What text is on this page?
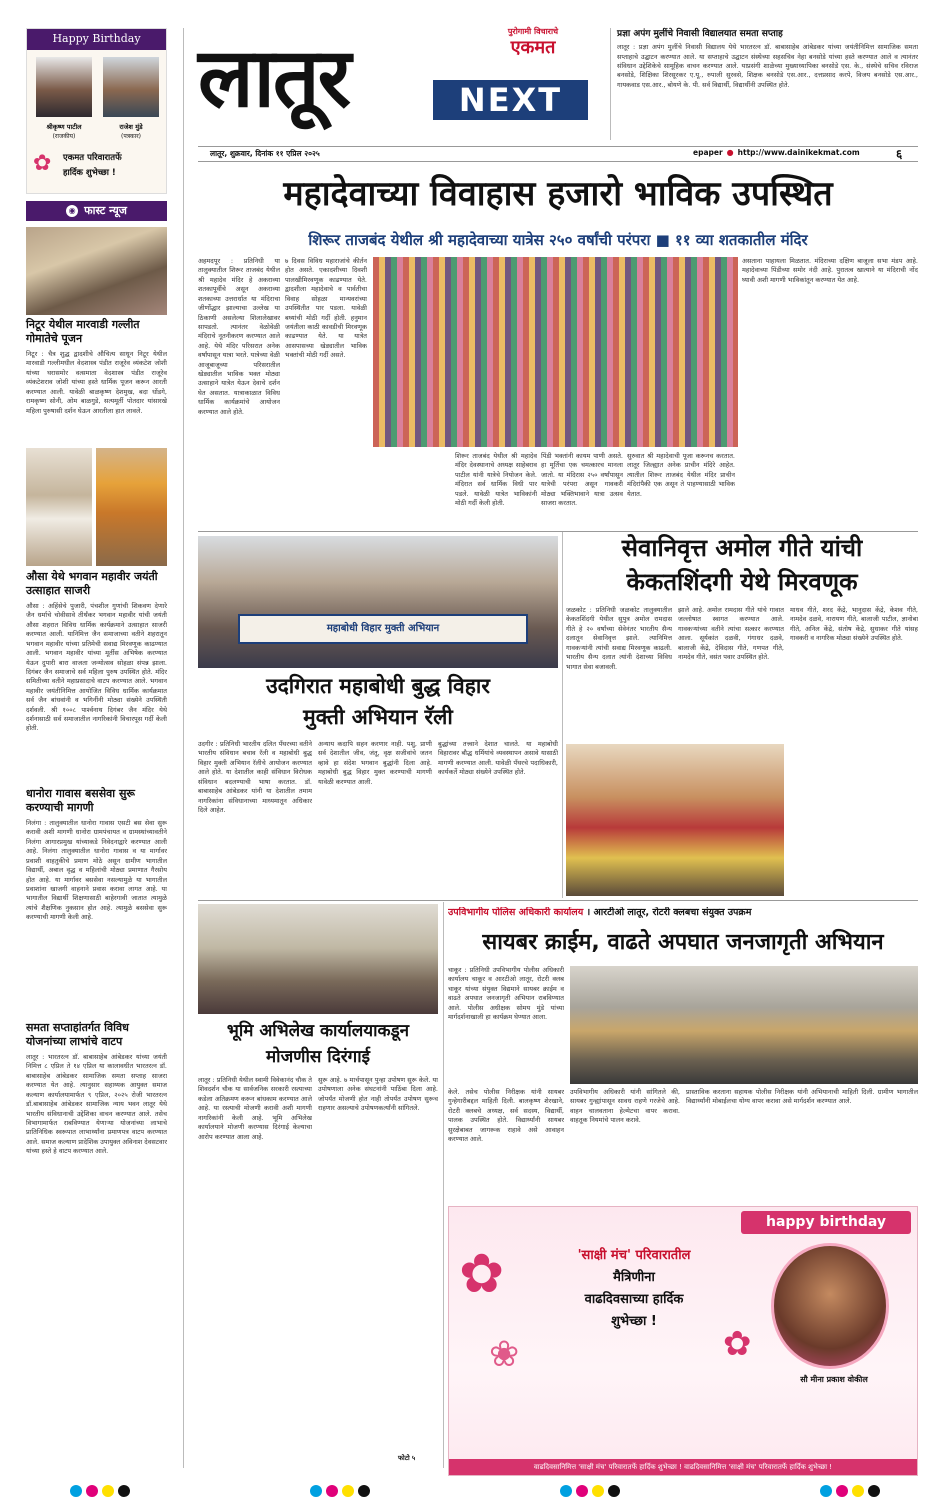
Happy Birthday
श्रीकृष्ण पाटील
(राजकीय)
राजेश मुंडे
(पत्रकार)
✿ एकमत परिवारातर्फे
हार्दिक शुभेच्छा !
◉ फास्ट न्यूज
निटूर येथील मारवाडी गल्लीत गोमातेचे पूजन
निटूर : चैत्र शुद्ध द्वादशीचे औचित्य साधून निटूर येथील मारवाडी गल्लीमधील वेदशास्त्र पंडीत राजूरेव व्यंकटेश जोशी यांच्या घरासमोर वत्समाता वेदशास्त्र पंडीत राजूरेव व्यंकटेशराव जोशी यांच्या हस्ते धार्मिक पूजन करून आरती करण्यात आली. यावेळी बाळकृष्ण देशमुख, बदा धोंडगे, रामकृष्ण सोनी, ओम बाळगुडे, सत्यमूर्ती पोतदार यांसारखे महिला पुरुषासी दर्शन घेऊन आरतीला हात लावले.
औसा येथे भगवान महावीर जयंती उत्साहात साजरी
औसा : अहिंसेचे पुजारी, पंचशील गुणांची शिकवण देणारे जैन धर्माचे चोवीसावे तीर्थंकर भगवान महावीर यांची जयंती औसा शहरात विविध धार्मिक कार्यक्रमाने उत्साहात साजरी करण्यात आली. यानिमित्त जैन समाजाच्या वतीने शहरातून भगवान महावीर यांच्या प्रतिमेची सवाद्य मिरवणूक काढण्यात आली. भगवान महावीर यांच्या मूर्तीस अभिषेक करण्यात येऊन दुपारी बारा वाजता जन्मोत्सव सोहळा संपन्न झाला. दिगंबर जैन समाजाचे सर्व महिला पुरुष उपस्थित होते. मंदिर समितीच्या वतीने महाप्रसादाचे वाटप करण्यात आले. भगवान महावीर जयंतीनिमित्त आयोजित विविध धार्मिक कार्यक्रमात सर्व जैन बांधवांनी व भगिनींनी मोठ्या संख्येने उपस्थिती दर्शवली. श्री १००८ पार्श्वनाथ दिगंबर जैन मंदिर येथे दर्शनासाठी सर्व समाजातील नागरिकांनी विचारपूस गर्दी केली होती.
धानोरा गावास बससेवा सुरू करण्याची मागणी
निलंगा : तालुक्यातील धानोरा गावास एसटी बस सेवा सुरू करावी अशी मागणी धानोरा ग्रामपंचायत व ग्रामस्थांच्यावतीने निलंगा आगारप्रमुख यांच्याकडे निवेदनाद्वारे करण्यात आली आहे. निलंगा तालुक्यातील धानोरा गावास व या मार्गावर प्रवाशी वाहतुकीचे प्रमाण मोठे असून ग्रामीण भागातील विद्यार्थी, अबाल वृद्ध व महिलांची मोठ्या प्रमाणात गैरसोय होत आहे. या मार्गावर बससेवा नसल्यामुळे या भागातील प्रवाशांना खाजगी वाहनाने प्रवास करावा लागत आहे. या भागातील विद्यार्थी शिक्षणासाठी बाहेरगावी जातात त्यामुळे त्यांचे शैक्षणिक नुकसान होत आहे. त्यामुळे बससेवा सुरू करण्याची मागणी केली आहे.
समता सप्ताहांतर्गत विविध योजनांच्या लाभांचे वाटप
लातूर : भारतरत्न डॉ. बाबासाहेब आंबेडकर यांच्या जयंती निमित्त ८ एप्रिल ते १४ एप्रिल या कालावधीत भारतरत्न डॉ. बाबासाहेब आंबेडकर सामाजिक समता सप्ताह साजरा करण्यात येत आहे. त्यानुसार सहाय्यक आयुक्त समाज कल्याण कार्यालयामार्फत ९ एप्रिल, २०२५ रोजी भारतरत्न डॉ.बाबासाहेब आंबेडकर सामाजिक न्याय भवन लातूर येथे भारतीय संविधानाची उद्देशिका वाचन करण्यात आले. तसेच विभागामार्फत राबविण्यात येणाऱ्या योजनांच्या लाभाचे प्रातिनिधिक स्वरूपात लाभार्थ्यांना प्रमाणपत्र वाटप करण्यात आले. समाज कल्याण प्रादेशिक उपायुक्त अविनाश देवसटवार यांच्या हस्ते हे वाटप करण्यात आले.
लातूर	पुरोगामी विचाराचे
एकमत
NEXT
लातूर, शुक्रवार, दिनांक ११ एप्रिल २०२५	epaper ● http://www.dainikekmat.com	६
प्रज्ञा अपंग मुलींचे निवासी विद्यालयात समता सप्ताह
लातूर : प्रज्ञा अपंग मुलींचे निवासी विद्यालय येथे भारतरत्न डॉ. बाबासाहेब आंबेडकर यांच्या जयंतीनिमित्त सामाजिक समता सप्ताहाचे उद्घाटन करण्यात आले. या सप्ताहाचे उद्घाटन संस्थेच्या सहसचिव नेहा बनसोडे यांच्या हस्ते करण्यात आले व त्यानंतर संविधान उद्देशिकेचे सामूहिक वाचन करण्यात आले. याप्रसंगी शाळेच्या मुख्याध्यापिका बनसोडे एस. के., संस्थेचे सचिव रविराज बनसोडे, शिक्षिका शिरसूरकर ए.यू., रुपाली सुरवसे, शिक्षक बनसोडे एस.आर., दत्तप्रसाद करपे, विजय बनसोडे एस.आर., गायकवाड एस.आर., बोयणे के. पी. सर्व विद्यार्थी, विद्यार्थीनी उपस्थित होते.
महादेवाच्या विवाहास हजारो भाविक उपस्थित
शिरूर ताजबंद येथील श्री महादेवाच्या यात्रेस २५० वर्षांची परंपरा ■ ११ व्या शतकातील मंदिर
अहमदपूर : प्रतिनिधी या तालुक्यातील शिरूर ताजबंद येथील श्री महादेव मंदिर हे अकराव्या शतकापूर्वीचे असून अकराव्या शतकाच्या उत्तरार्धात या मंदिराचा जीर्णोद्धार झाल्याचा उल्लेख या ठिकाणी असलेल्या शिलालेखावर सापडतो. त्यानंतर वेळोवेळी मंदिराचे नूतनीकरण करण्यात आले आहे. येथे मंदिर परिसरात अनेक वर्षांपासून यात्रा भरते. यात्रेच्या वेळी आजूबाजूच्या परिसरातील खेड्यातील भाविक भक्त मोठ्या उत्साहाने यात्रेत येऊन देवाचे दर्शन घेत असतात. यात्राकाळात विविध धार्मिक कार्यक्रमांचे आयोजन करण्यात आले होते.
७ दिवस विविध महाराजांचे कीर्तन होत असते. एकादशीच्या दिवशी पालखीमिरवणूक काढण्यात येते. द्वादशीला महादेवाचे व पार्वतीचा विवाह सोहळा मान्यवरांच्या उपस्थितीत पार पडला. यावेळी बघ्यांची मोठी गर्दी होती. हनुमान जयंतीला काठी कावडीची मिरवणूक काढण्यात येते. या यात्रेत आसपासच्या खेड्यातील भाविक भक्तांची मोठी गर्दी असते.
शिरूर ताजबंद येथील श्री महादेव मंदिर देवस्थानाचे अध्यक्ष साहेबराव पाटील यांनी यात्रेचे नियोजन केले. मंदिरात सर्व धार्मिक विधी पार पडले. यावेळी यात्रेत भाविकांनी मोठी गर्दी केली होती.
पिंडी भक्तांनी कायम पाणी असते. हा मूर्तिचा एक चमत्कारच मानला जातो. या मंदिरास २५० वर्षांपासून यात्रेची परंपरा असून गावकरी मोठ्या भक्तिभावाने यात्रा उत्सव साजरा करतात.
सुरुवात श्री महादेवाची पूजा करूनच करतात. लातूर जिल्ह्यात अनेक प्राचीन मंदिरे आहेत. त्यातील शिरूर ताजबंद येथील मंदिर प्राचीन मंदिरांपैकी एक असून ते पाहण्यासाठी भाविक येतात.
असताना पाहायला मिळतात. मंदिराच्या दक्षिण बाजूला सभा मंडप आहे. महादेवाच्या पिंडीच्या समोर नंदी आहे. पुरातत्व खात्याने या मंदिराची नोंद घ्यावी अशी मागणी भाविकांतून करण्यात येत आहे.
महाबोधी विहार मुक्ती अभियान
उदगिरात महाबोधी बुद्ध विहार
मुक्ती अभियान रॅली
उदगीर : प्रतिनिधी भारतीय दलित पँथरच्या वतीने भारतीय संविधान बचाव रॅली व महाबोधी बुद्ध विहार मुक्ती अभियान रॅलीचे आयोजन करण्यात आले होते. या देशातील काही संविधान विरोधक संविधान बदलण्याची भाषा करतात. डॉ. बाबासाहेब आंबेडकर यांनी या देशातील तमाम नागरिकांना संविधानाच्या माध्यमातून अधिकार दिले आहेत.
अन्याय कदापि सहन करणार नाही. पशु, प्राणी सर्व देशातील जीव, जंतू, वृक्ष सजीवांचे जतन व्हावे हा संदेश भगवान बुद्धांनी दिला आहे. महाबोधी बुद्ध विहार मुक्त करण्याची मागणी यावेळी करण्यात आली.
बुद्धांच्या तत्त्वाने देशात चालते. या महाबोधी विहारावर बौद्ध धर्मियांचे व्यवस्थापन असावे यासाठी मागणी करण्यात आली. यावेळी पँथरचे पदाधिकारी, कार्यकर्ते मोठ्या संख्येने उपस्थित होते.
सेवानिवृत्त अमोल गीते यांची
केकतशिंदगी येथे मिरवणूक
जळकोट : प्रतिनिधी जळकोट तालुक्यातील केकतशिंदगी येथील सुपुत्र अमोल रामदास गीते हे २० वर्षांच्या सेवेनंतर भारतीय सैन्य दलातून सेवानिवृत्त झाले. त्यानिमित्त गावकऱ्यांनी त्यांची सवाद्य मिरवणूक काढली. भारतीय सैन्य दलात त्यांनी देशाच्या विविध भागात सेवा बजावली.
झाले आहे. अमोल रामदास गीते यांचे गावात जल्लोषात स्वागत करण्यात आले. गावकऱ्यांच्या वतीने त्यांचा सत्कार करण्यात आला. सूर्यकांत दळवी, गंगाधर दळवे, बालाजी केंद्रे, देविदास गीते, गणपत गीते, नामदेव गीते, वसंत पवार उपस्थित होते.
माधव गीते, शरद केंद्रे, भानुदास केंद्रे, केशव गीते, नामदेव दळवे, नारायण गीते, बालाजी पाटील, ज्ञानोबा गीते, अनिल केंद्रे, संतोष केंद्रे, सुधाकर गीते यांसह गावकरी व नागरिक मोठ्या संख्येने उपस्थित होते.
भूमि अभिलेख कार्यालयाकडून
मोजणीस दिरंगाई
लातूर : प्रतिनिधी येथील स्वामी विवेकानंद चौक ते शिवदर्शन चौक या सार्वजनिक सरकारी रस्त्याच्या कडेला अतिक्रमण करून बांधकाम करण्यात आले आहे. या रस्त्याची मोजणी करावी अशी मागणी नागरिकांनी केली आहे. भूमि अभिलेख कार्यालयाने मोजणी करण्यास दिरंगाई केल्याचा आरोप करण्यात आला आहे.
सुरू आहे. ७ मार्चपासून पुन्हा उपोषण सुरू केले. या उपोषणाला अनेक संघटनांनी पाठिंबा दिला आहे. जोपर्यंत मोजणी होत नाही तोपर्यंत उपोषण सुरूच राहणार असल्याचे उपोषणकर्त्यांनी सांगितले.
फोटो ५
उपविभागीय पोलिस अधिकारी कार्यालय । आरटीओ लातूर, रोटरी क्लबचा संयुक्त उपक्रम
सायबर क्राईम, वाढते अपघात जनजागृती अभियान
चाकूर : प्रतिनिधी उपविभागीय पोलीस अधिकारी कार्यालय चाकूर व आरटीओ लातूर, रोटरी क्लब चाकूर यांच्या संयुक्त विद्यमाने सायबर क्राईम व वाढते अपघात जनजागृती अभियान राबविण्यात आले. पोलीस अधीक्षक सोमय मुंडे यांच्या मार्गदर्शनाखाली हा कार्यक्रम घेण्यात आला.
केले. तसेच पोलीस निरीक्षक यांनी सायबर गुन्हेगारीबद्दल माहिती दिली. बालकृष्ण शेरखाने, रोटरी क्लबचे अध्यक्ष, सर्व सदस्य, विद्यार्थी, पालक उपस्थित होते. विद्यार्थ्यांनी सायबर सुरक्षेबाबत जागरूक राहावे असे आवाहन करण्यात आले.
उपविभागीय अधिकारी यांनी सांगितले की, सायबर गुन्ह्यांपासून सावध राहणे गरजेचे आहे. वाहन चालवताना हेल्मेटचा वापर करावा. वाहतूक नियमांचे पालन करावे.
प्रास्ताविक करताना सहायक पोलीस निरीक्षक यांनी अभियानाची माहिती दिली. ग्रामीण भागातील विद्यार्थ्यांनी मोबाईलचा योग्य वापर करावा असे मार्गदर्शन करण्यात आले.
happy birthday
✿
❀	✿
'साक्षी मंच' परिवारातील
मैत्रिणीना
वाढदिवसाच्या हार्दिक
शुभेच्छा !
सौ मीना प्रकाश वोकील
वाढदिवसानिमित्त 'साक्षी मंच' परिवारातर्फे हार्दिक शुभेच्छा ! वाढदिवसानिमित्त 'साक्षी मंच' परिवारातर्फे हार्दिक शुभेच्छा !
